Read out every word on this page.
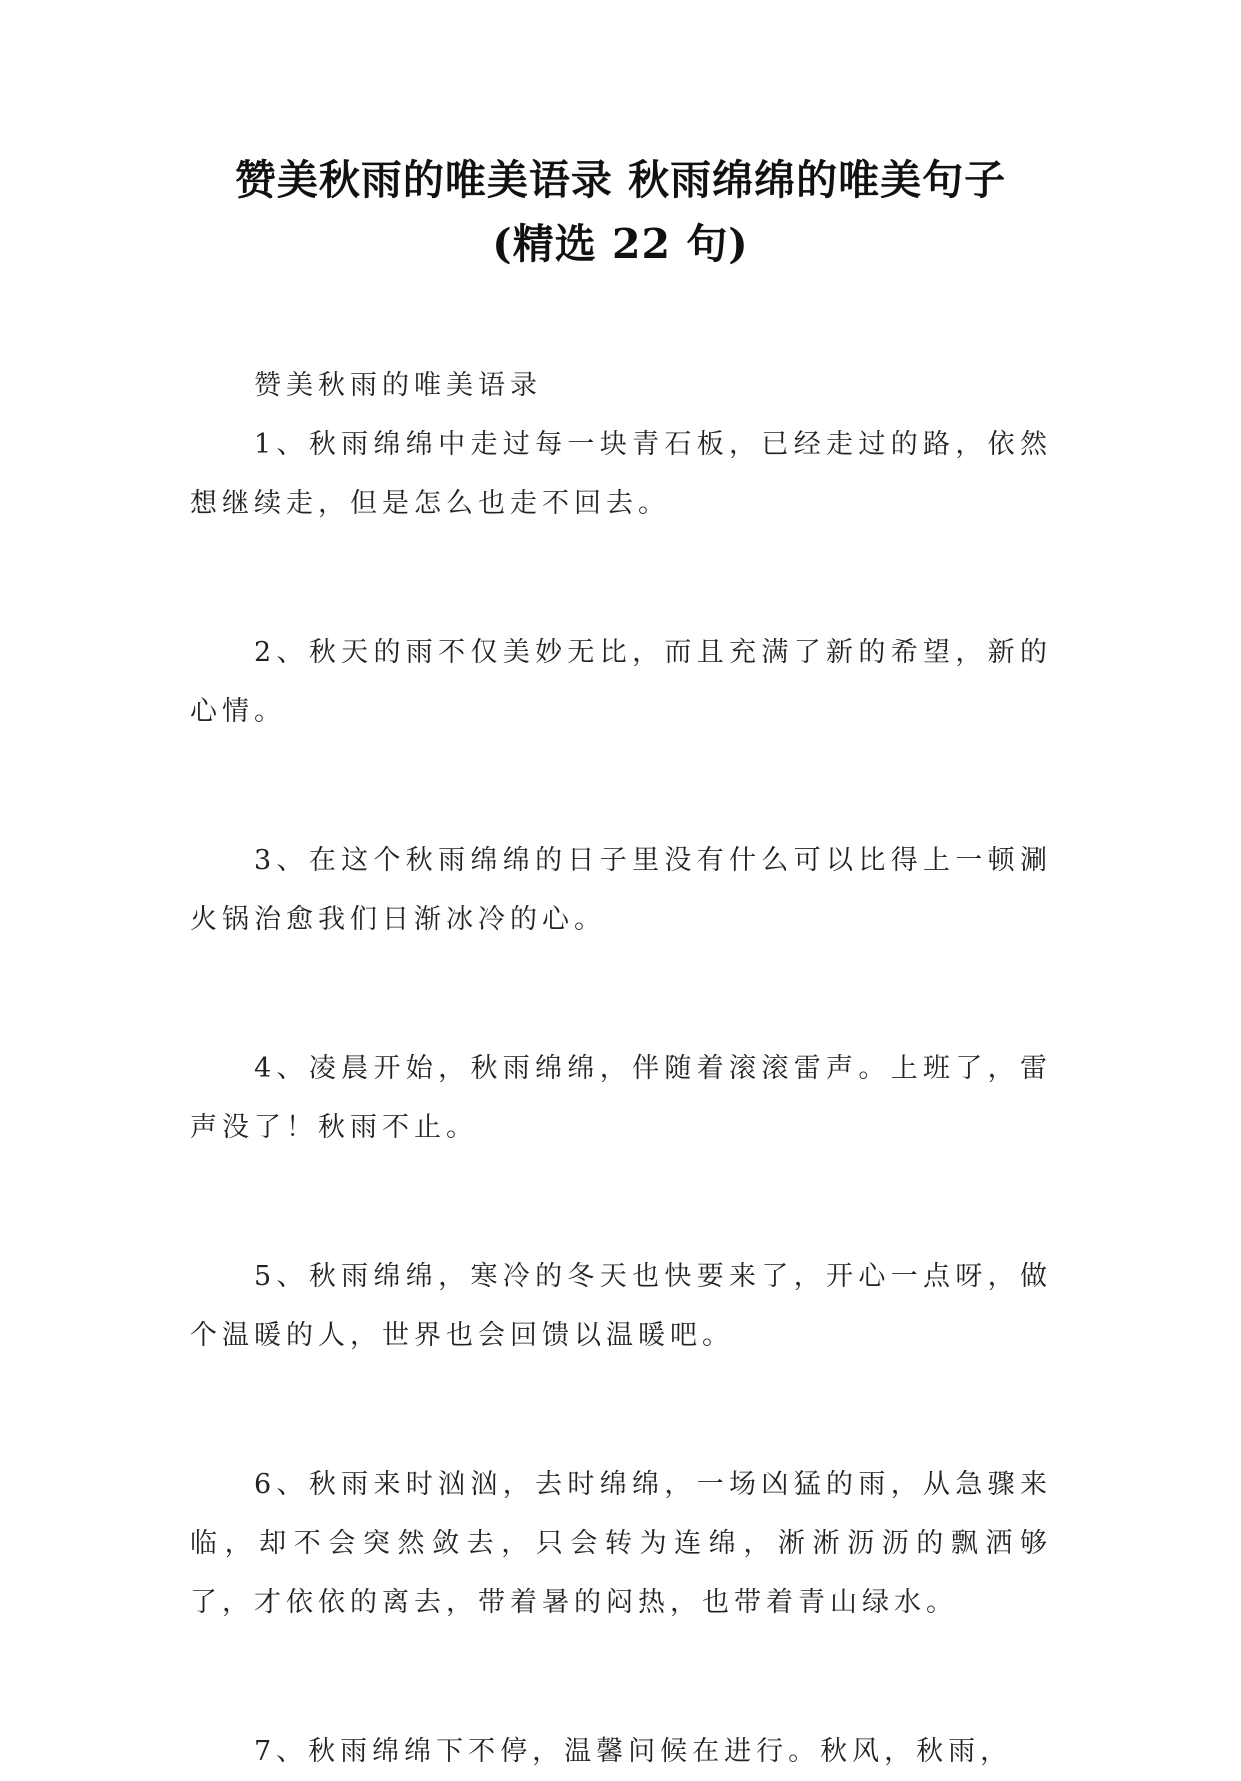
赞美秋雨的唯美语录 秋雨绵绵的唯美句子
(精选 22 句)

赞美秋雨的唯美语录

1、秋雨绵绵中走过每一块青石板，已经走过的路，依然想继续走，但是怎么也走不回去。

2、秋天的雨不仅美妙无比，而且充满了新的希望，新的心情。

3、在这个秋雨绵绵的日子里没有什么可以比得上一顿涮火锅治愈我们日渐冰冷的心。

4、凌晨开始，秋雨绵绵，伴随着滚滚雷声。上班了，雷声没了！秋雨不止。

5、秋雨绵绵，寒冷的冬天也快要来了，开心一点呀，做个温暖的人，世界也会回馈以温暖吧。

6、秋雨来时汹汹，去时绵绵，一场凶猛的雨，从急骤来临，却不会突然敛去，只会转为连绵，淅淅沥沥的飘洒够了，才依依的离去，带着暑的闷热，也带着青山绿水。

7、秋雨绵绵下不停，温馨问候在进行。秋风，秋雨，
